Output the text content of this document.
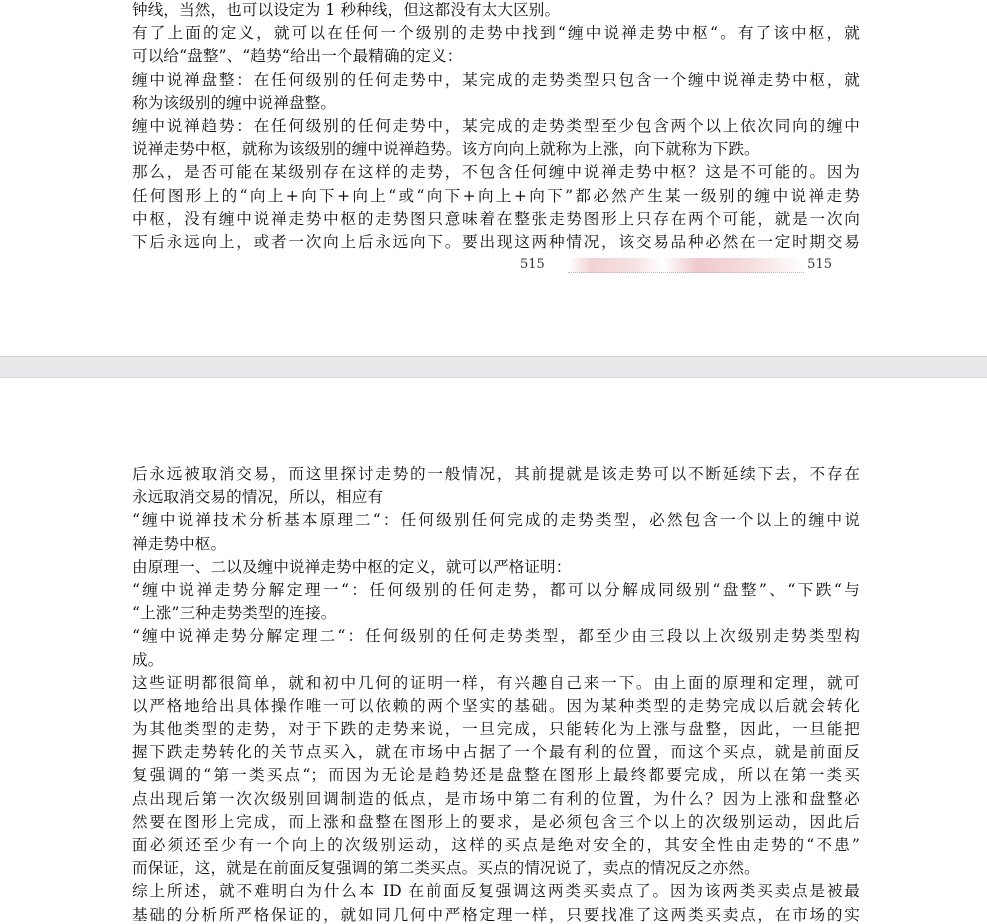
钟线，当然，也可以设定为 1 秒种线，但这都没有太大区别。
有了上面的定义，就可以在任何一个级别的走势中找到“缠中说禅走势中枢“。有了该中枢，就
可以给“盘整”、“趋势“给出一个最精确的定义：
缠中说禅盘整：在任何级别的任何走势中，某完成的走势类型只包含一个缠中说禅走势中枢，就
称为该级别的缠中说禅盘整。
缠中说禅趋势：在任何级别的任何走势中，某完成的走势类型至少包含两个以上依次同向的缠中
说禅走势中枢，就称为该级别的缠中说禅趋势。该方向向上就称为上涨，向下就称为下跌。
那么，是否可能在某级别存在这样的走势，不包含任何缠中说禅走势中枢？这是不可能的。因为
任何图形上的“向上+向下+向上“或“向下+向上+向下”都必然产生某一级别的缠中说禅走势
中枢，没有缠中说禅走势中枢的走势图只意味着在整张走势图形上只存在两个可能，就是一次向
下后永远向上，或者一次向上后永远向下。要出现这两种情况，该交易品种必然在一定时期交易
515	515
后永远被取消交易，而这里探讨走势的一般情况，其前提就是该走势可以不断延续下去，不存在
永远取消交易的情况，所以，相应有
“缠中说禅技术分析基本原理二“：任何级别任何完成的走势类型，必然包含一个以上的缠中说
禅走势中枢。
由原理一、二以及缠中说禅走势中枢的定义，就可以严格证明：
“缠中说禅走势分解定理一“：任何级别的任何走势，都可以分解成同级别“盘整”、“下跌“与
“上涨”三种走势类型的连接。
“缠中说禅走势分解定理二“：任何级别的任何走势类型，都至少由三段以上次级别走势类型构
成。
这些证明都很简单，就和初中几何的证明一样，有兴趣自己来一下。由上面的原理和定理，就可
以严格地给出具体操作唯一可以依赖的两个坚实的基础。因为某种类型的走势完成以后就会转化
为其他类型的走势，对于下跌的走势来说，一旦完成，只能转化为上涨与盘整，因此，一旦能把
握下跌走势转化的关节点买入，就在市场中占据了一个最有利的位置，而这个买点，就是前面反
复强调的“第一类买点“；而因为无论是趋势还是盘整在图形上最终都要完成，所以在第一类买
点出现后第一次次级别回调制造的低点，是市场中第二有利的位置，为什么？因为上涨和盘整必
然要在图形上完成，而上涨和盘整在图形上的要求，是必须包含三个以上的次级别运动，因此后
面必须还至少有一个向上的次级别运动，这样的买点是绝对安全的，其安全性由走势的“不患”
而保证，这，就是在前面反复强调的第二类买点。买点的情况说了，卖点的情况反之亦然。
综上所述，就不难明白为什么本 ID 在前面反复强调这两类买卖点了。因为该两类买卖点是被最
基础的分析所严格保证的，就如同几何中严格定理一样，只要找准了这两类买卖点，在市场的实
